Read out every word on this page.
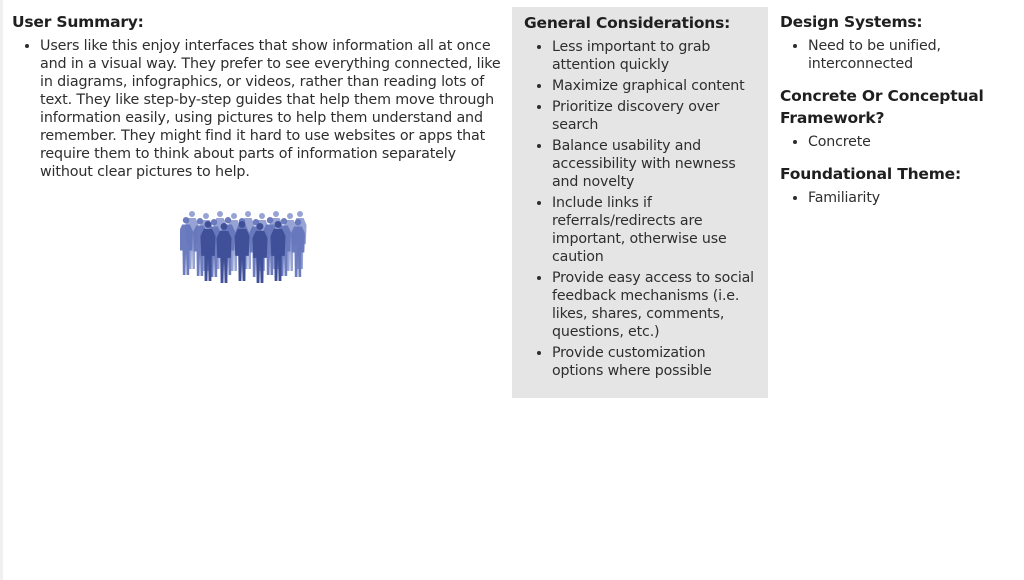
User Summary:
• Users like this enjoy interfaces that show information all at once and in a visual way. They prefer to see everything connected, like in diagrams, infographics, or videos, rather than reading lots of text. They like step-by-step guides that help them move through information easily, using pictures to help them understand and remember. They might find it hard to use websites or apps that require them to think about parts of information separately without clear pictures to help.
General Considerations:
• Less important to grab attention quickly
• Maximize graphical content
• Prioritize discovery over search
• Balance usability and accessibility with newness and novelty
• Include links if referrals/redirects are important, otherwise use caution
• Provide easy access to social feedback mechanisms (i.e. likes, shares, comments, questions, etc.)
• Provide customization options where possible
Design Systems:
• Need to be unified, interconnected
Concrete Or Conceptual Framework?
• Concrete
Foundational Theme:
• Familiarity
